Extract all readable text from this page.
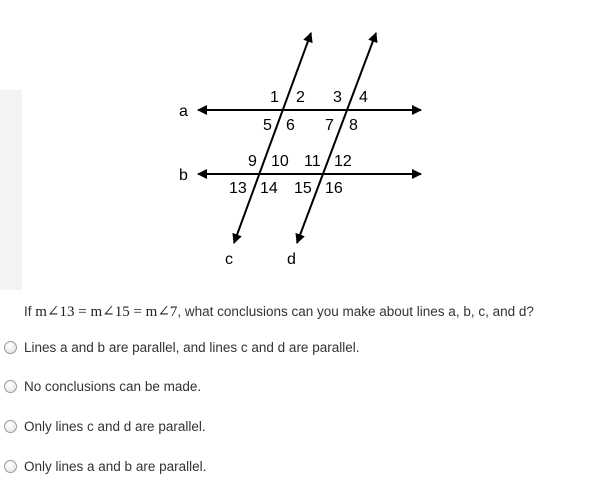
a
b
c	d
1 2 3 4
5 6 7 8
9 10 11 12
13 14 15 16
If m∠13 = m∠15 = m∠7, what conclusions can you make about lines a, b, c, and d?
Lines a and b are parallel, and lines c and d are parallel.
No conclusions can be made.
Only lines c and d are parallel.
Only lines a and b are parallel.
